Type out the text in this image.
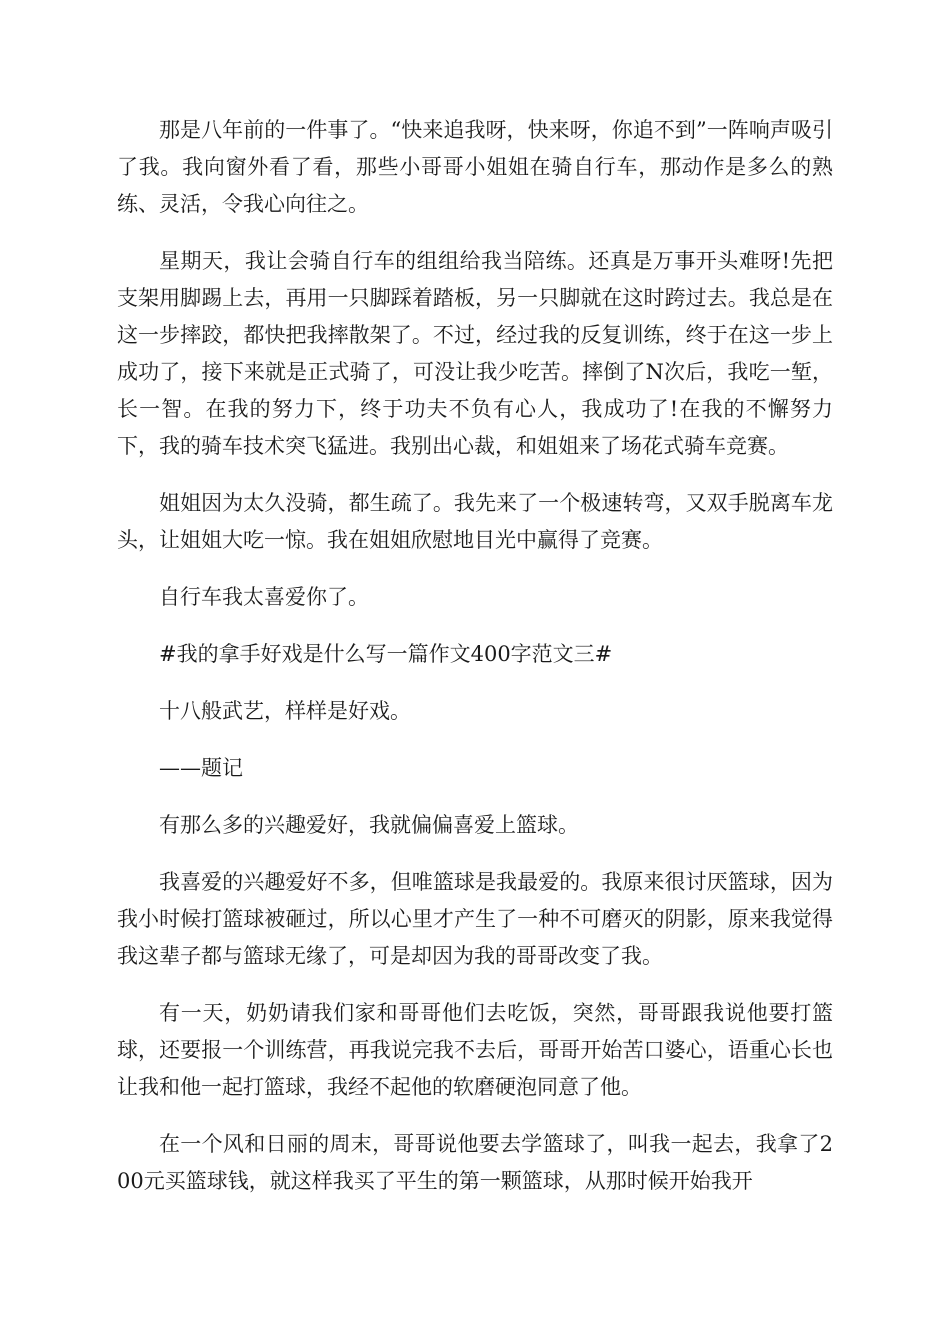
那是八年前的一件事了。“快来追我呀，快来呀，你追不到”一阵响声吸引了我。我向窗外看了看，那些小哥哥小姐姐在骑自行车，那动作是多么的熟练、灵活，令我心向往之。

星期天，我让会骑自行车的组组给我当陪练。还真是万事开头难呀!先把支架用脚踢上去，再用一只脚踩着踏板，另一只脚就在这时跨过去。我总是在这一步摔跤，都快把我摔散架了。不过，经过我的反复训练，终于在这一步上成功了，接下来就是正式骑了，可没让我少吃苦。摔倒了N次后，我吃一堑，长一智。在我的努力下，终于功夫不负有心人，我成功了!在我的不懈努力下，我的骑车技术突飞猛进。我别出心裁，和姐姐来了场花式骑车竞赛。

姐姐因为太久没骑，都生疏了。我先来了一个极速转弯，又双手脱离车龙头，让姐姐大吃一惊。我在姐姐欣慰地目光中赢得了竞赛。

自行车我太喜爱你了。

#我的拿手好戏是什么写一篇作文400字范文三#

十八般武艺，样样是好戏。

——题记

有那么多的兴趣爱好，我就偏偏喜爱上篮球。

我喜爱的兴趣爱好不多，但唯篮球是我最爱的。我原来很讨厌篮球，因为我小时候打篮球被砸过，所以心里才产生了一种不可磨灭的阴影，原来我觉得我这辈子都与篮球无缘了，可是却因为我的哥哥改变了我。

有一天，奶奶请我们家和哥哥他们去吃饭，突然，哥哥跟我说他要打篮球，还要报一个训练营，再我说完我不去后，哥哥开始苦口婆心，语重心长也让我和他一起打篮球，我经不起他的软磨硬泡同意了他。

在一个风和日丽的周末，哥哥说他要去学篮球了，叫我一起去，我拿了200元买篮球钱，就这样我买了平生的第一颗篮球，从那时候开始我开
